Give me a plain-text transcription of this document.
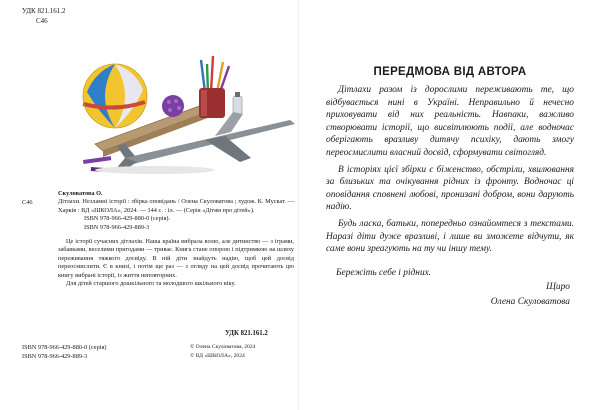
УДК 821.161.2
С46
С46
Скуловатова О.
Дітлахи. Незламні історії : збірка оповідань / Олена Скуловатова ; худож. К. Мускат. — Харків : ВД «ШКОЛА», 2024. — 144 с. : іл. — (Серія «Дітям про дітей»).
ISBN 978-966-429-880-0 (серія).
ISBN 978-966-429-889-3
Це історії сучасних дітлахів. Наша країна вибрала волю, але дитинство — з іграми, забавками, веселими пригодами — триває. Книга стане опорою і підтримкою на шляху переживання тяжкого досвіду. В ній діти знайдуть надію, щоб цей досвід переосмислити. Є в книзі, і потім ще раз — з огляду на цей досвід прочитають цю книгу вибрані історії, із життя неповторних.
Для дітей старшого дошкільного та молодшого шкільного віку.
УДК 821.161.2
ISBN 978-966-429-880-0 (серія)
ISBN 978-966-429-889-3
© Олена Скуловатова, 2024
© ВД «ШКОЛА», 2024
ПЕРЕДМОВА ВІД АВТОРА

Дітлахи разом із дорослими переживають те, що відбувається нині в Україні. Неправильно й нечесно приховувати від них реальність. Навпаки, важливо створювати історії, що висвітлюють події, але водночас оберігають вразливу дитячу психіку, дають змогу переосмислити власний досвід, сформувати світогляд.

В історіях цієї збірки є біженство, обстріли, хвилювання за близьких та очікування рідних із фронту. Водночас ці оповідання сповнені любові, пронизані добром, вони дарують надію.

Будь ласка, батьки, попередньо ознайомтеся з текстами. Наразі діти дуже вразливі, і лише ви зможете відчути, як саме вони зреагують на ту чи іншу тему.

Бережіть себе і рідних.
Щиро
Олена Скуловатова
